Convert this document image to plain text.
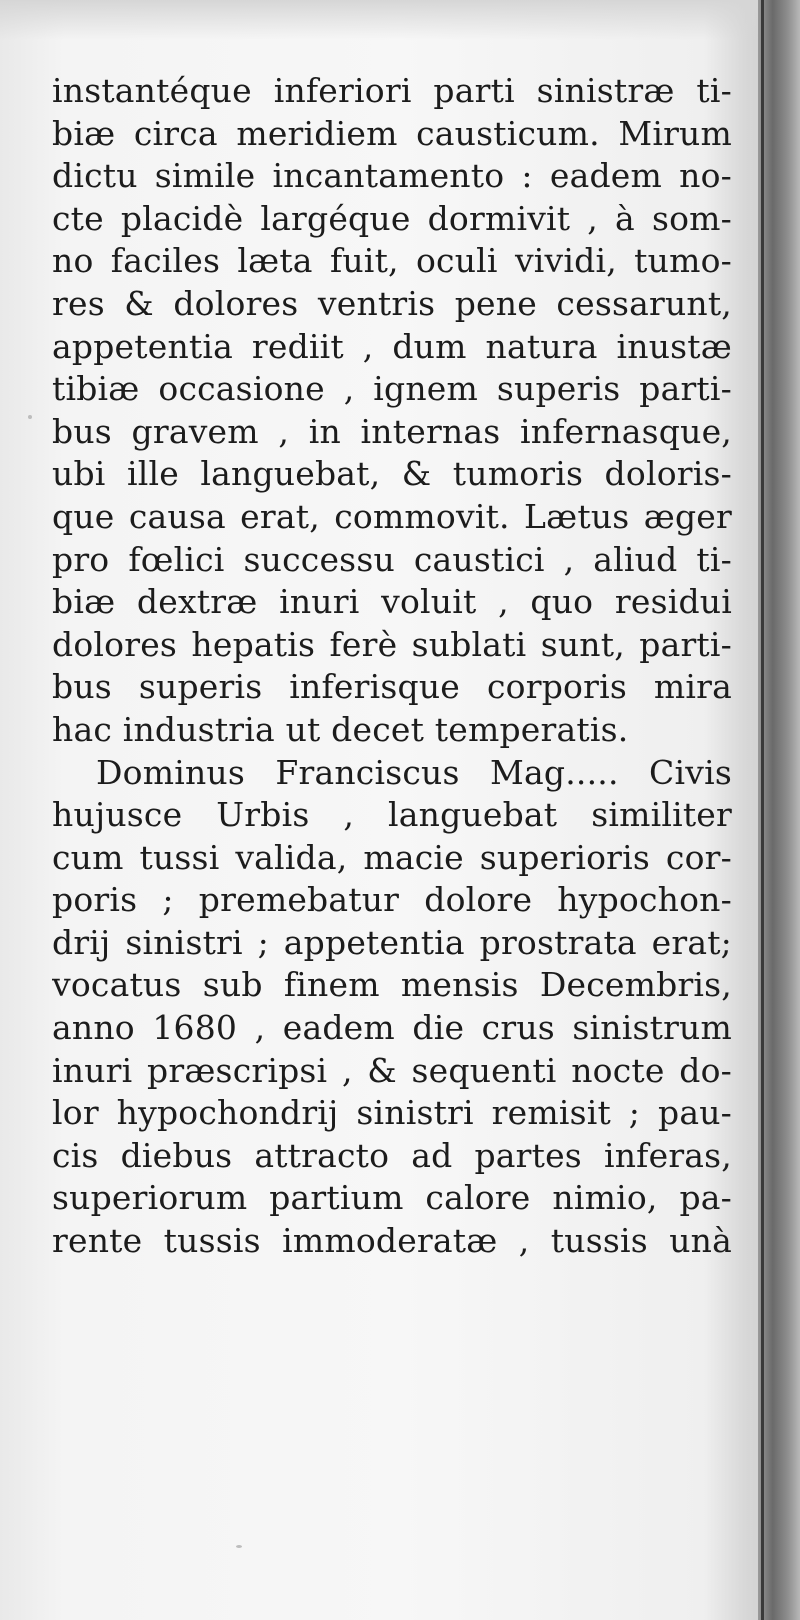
instantéque inferiori parti sinistræ ti-
biæ circa meridiem causticum. Mirum
dictu simile incantamento : eadem no-
cte placidè largéque dormivit , à som-
no faciles læta fuit, oculi vividi, tumo-
res & dolores ventris pene cessarunt,
appetentia rediit , dum natura inustæ
tibiæ occasione , ignem superis parti-
bus gravem , in internas infernasque,
ubi ille languebat, & tumoris doloris-
que causa erat, commovit. Lætus æger
pro fœlici successu caustici , aliud ti-
biæ dextræ inuri voluit , quo residui
dolores hepatis ferè sublati sunt, parti-
bus superis inferisque corporis mira
hac industria ut decet temperatis.
Dominus Franciscus Mag..... Civis
hujusce Urbis , languebat similiter
cum tussi valida, macie superioris cor-
poris ; premebatur dolore hypochon-
drij sinistri ; appetentia prostrata erat;
vocatus sub finem mensis Decembris,
anno 1680 , eadem die crus sinistrum
inuri præscripsi , & sequenti nocte do-
lor hypochondrij sinistri remisit ; pau-
cis diebus attracto ad partes inferas,
superiorum partium calore nimio, pa-
rente tussis immoderatæ , tussis unà
